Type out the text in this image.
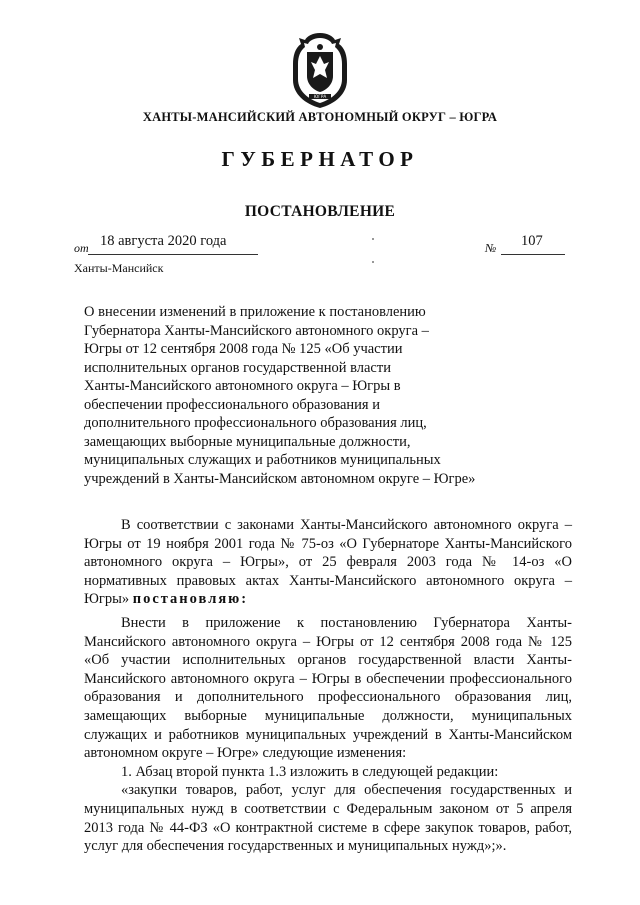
ЮГРА
ХАНТЫ-МАНСИЙСКИЙ АВТОНОМНЫЙ ОКРУГ – ЮГРА
ГУБЕРНАТОР
ПОСТАНОВЛЕНИЕ
от 18 августа 2020 года	№ 107
Ханты-Мансийск
О внесении изменений в приложение к постановлению
Губернатора Ханты-Мансийского автономного округа –
Югры от 12 сентября 2008 года № 125 «Об участии
исполнительных органов государственной власти
Ханты-Мансийского автономного округа – Югры в
обеспечении профессионального образования и
дополнительного профессионального образования лиц,
замещающих выборные муниципальные должности,
муниципальных служащих и работников муниципальных
учреждений в Ханты-Мансийском автономном округе – Югре»

В соответствии с законами Ханты-Мансийского автономного округа – Югры от 19 ноября 2001 года № 75-оз «О Губернаторе Ханты-Мансийского автономного округа – Югры», от 25 февраля 2003 года № 14-оз «О нормативных правовых актах Ханты-Мансийского автономного округа – Югры» постановляю:

Внести в приложение к постановлению Губернатора Ханты-Мансийского автономного округа – Югры от 12 сентября 2008 года № 125 «Об участии исполнительных органов государственной власти Ханты-Мансийского автономного округа – Югры в обеспечении профессионального образования и дополнительного профессионального образования лиц, замещающих выборные муниципальные должности, муниципальных служащих и работников муниципальных учреждений в Ханты-Мансийском автономном округе – Югре» следующие изменения:

1. Абзац второй пункта 1.3 изложить в следующей редакции:

«закупки товаров, работ, услуг для обеспечения государственных и муниципальных нужд в соответствии с Федеральным законом от 5 апреля 2013 года № 44-ФЗ «О контрактной системе в сфере закупок товаров, работ, услуг для обеспечения государственных и муниципальных нужд»;».
